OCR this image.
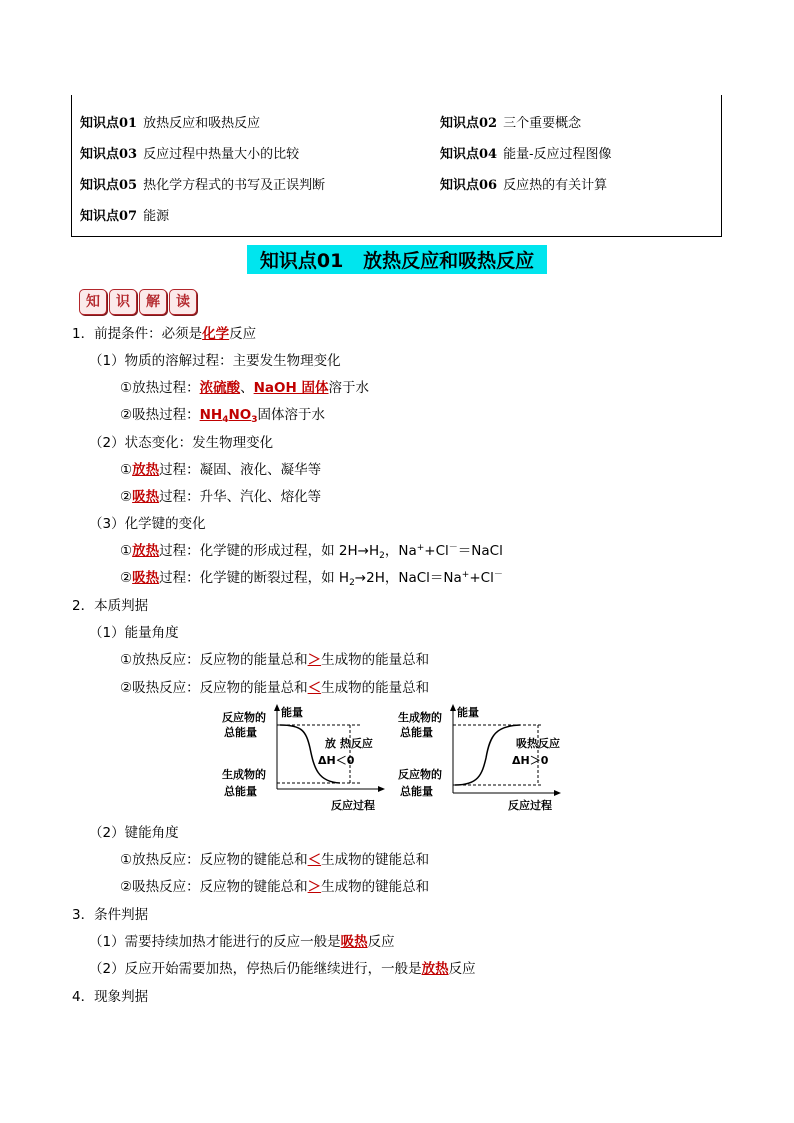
知识点01 放热反应和吸热反应	知识点02 三个重要概念
知识点03 反应过程中热量大小的比较	知识点04 能量-反应过程图像
知识点05 热化学方程式的书写及正误判断	知识点06 反应热的有关计算
知识点07 能源
知识点01   放热反应和吸热反应
知	识	解	读
1．前提条件：必须是化学反应
（1）物质的溶解过程：主要发生物理变化
①放热过程：浓硫酸、NaOH 固体溶于水
②吸热过程：$NH_4NO_3$固体溶于水
（2）状态变化：发生物理变化
①放热过程：凝固、液化、凝华等
②吸热过程：升华、汽化、熔化等
（3）化学键的变化
①放热过程：化学键的形成过程，如 $2H\to H_2$，Na++Cl－＝NaCl
②吸热过程：化学键的断裂过程，如 $H_2\to 2H$，NaCl＝Na++Cl－
2．本质判据
（1）能量角度
①放热反应：反应物的能量总和＞生成物的能量总和
②吸热反应：反应物的能量总和＜生成物的能量总和
反应物的
总能量
能量
放 热反应
ΔH＜0
生成物的
总能量
反应过程
生成物的
总能量
能量
吸热反应
ΔH＞0
反应物的
总能量
反应过程
（2）键能角度
①放热反应：反应物的键能总和＜生成物的键能总和
②吸热反应：反应物的键能总和＞生成物的键能总和
3．条件判据
（1）需要持续加热才能进行的反应一般是吸热反应
（2）反应开始需要加热，停热后仍能继续进行，一般是放热反应
4．现象判据
